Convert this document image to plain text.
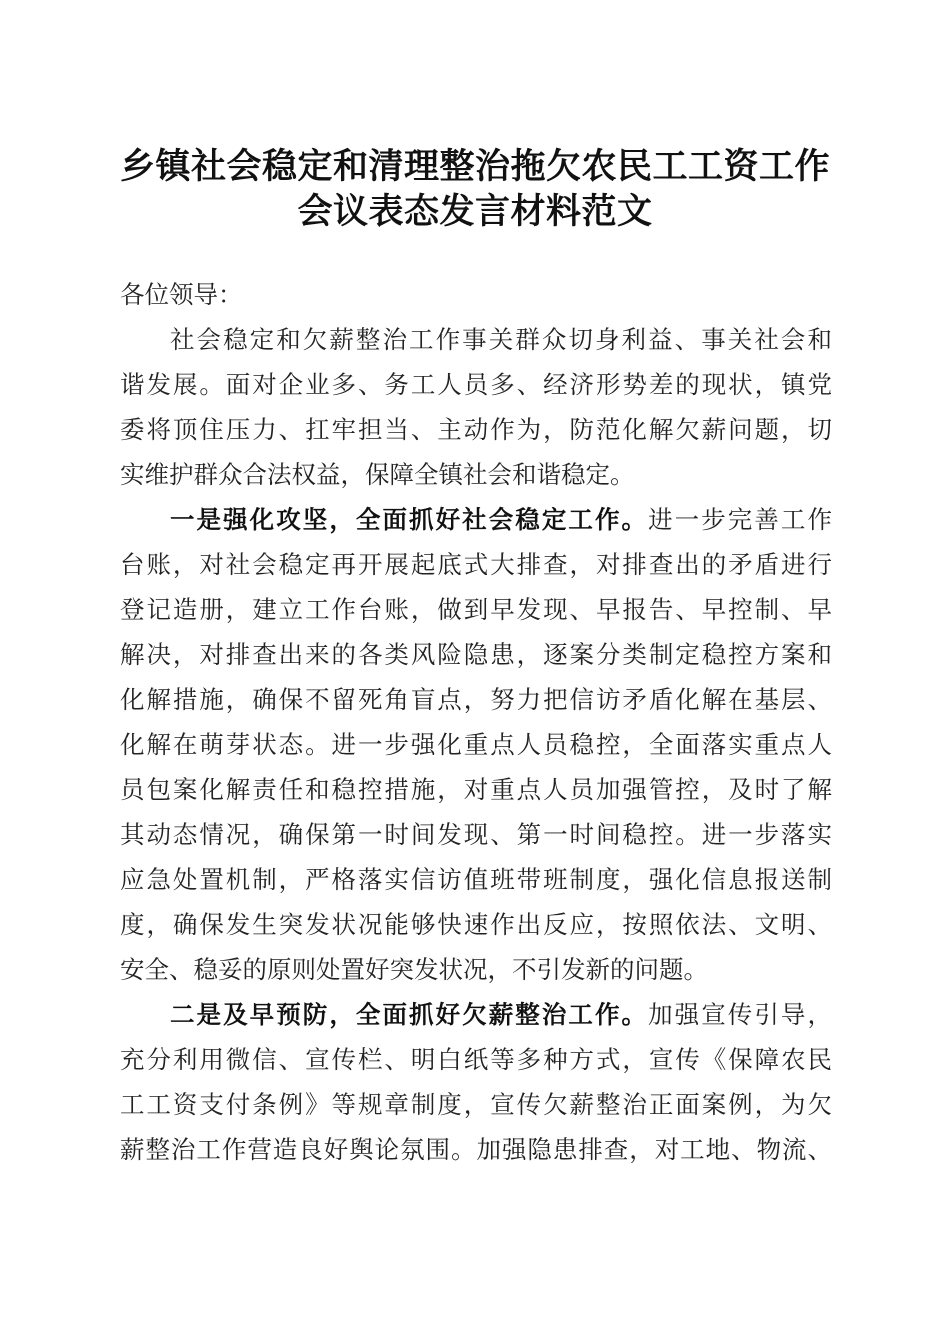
乡镇社会稳定和清理整治拖欠农民工工资工作
会议表态发言材料范文
各位领导：
社会稳定和欠薪整治工作事关群众切身利益、事关社会和
谐发展。面对企业多、务工人员多、经济形势差的现状，镇党
委将顶住压力、扛牢担当、主动作为，防范化解欠薪问题，切
实维护群众合法权益，保障全镇社会和谐稳定。
一是强化攻坚，全面抓好社会稳定工作。进一步完善工作
台账，对社会稳定再开展起底式大排查，对排查出的矛盾进行
登记造册，建立工作台账，做到早发现、早报告、早控制、早
解决，对排查出来的各类风险隐患，逐案分类制定稳控方案和
化解措施，确保不留死角盲点，努力把信访矛盾化解在基层、
化解在萌芽状态。进一步强化重点人员稳控，全面落实重点人
员包案化解责任和稳控措施，对重点人员加强管控，及时了解
其动态情况，确保第一时间发现、第一时间稳控。进一步落实
应急处置机制，严格落实信访值班带班制度，强化信息报送制
度，确保发生突发状况能够快速作出反应，按照依法、文明、
安全、稳妥的原则处置好突发状况，不引发新的问题。
二是及早预防，全面抓好欠薪整治工作。加强宣传引导，
充分利用微信、宣传栏、明白纸等多种方式，宣传《保障农民
工工资支付条例》等规章制度，宣传欠薪整治正面案例，为欠
薪整治工作营造良好舆论氛围。加强隐患排查，对工地、物流、
